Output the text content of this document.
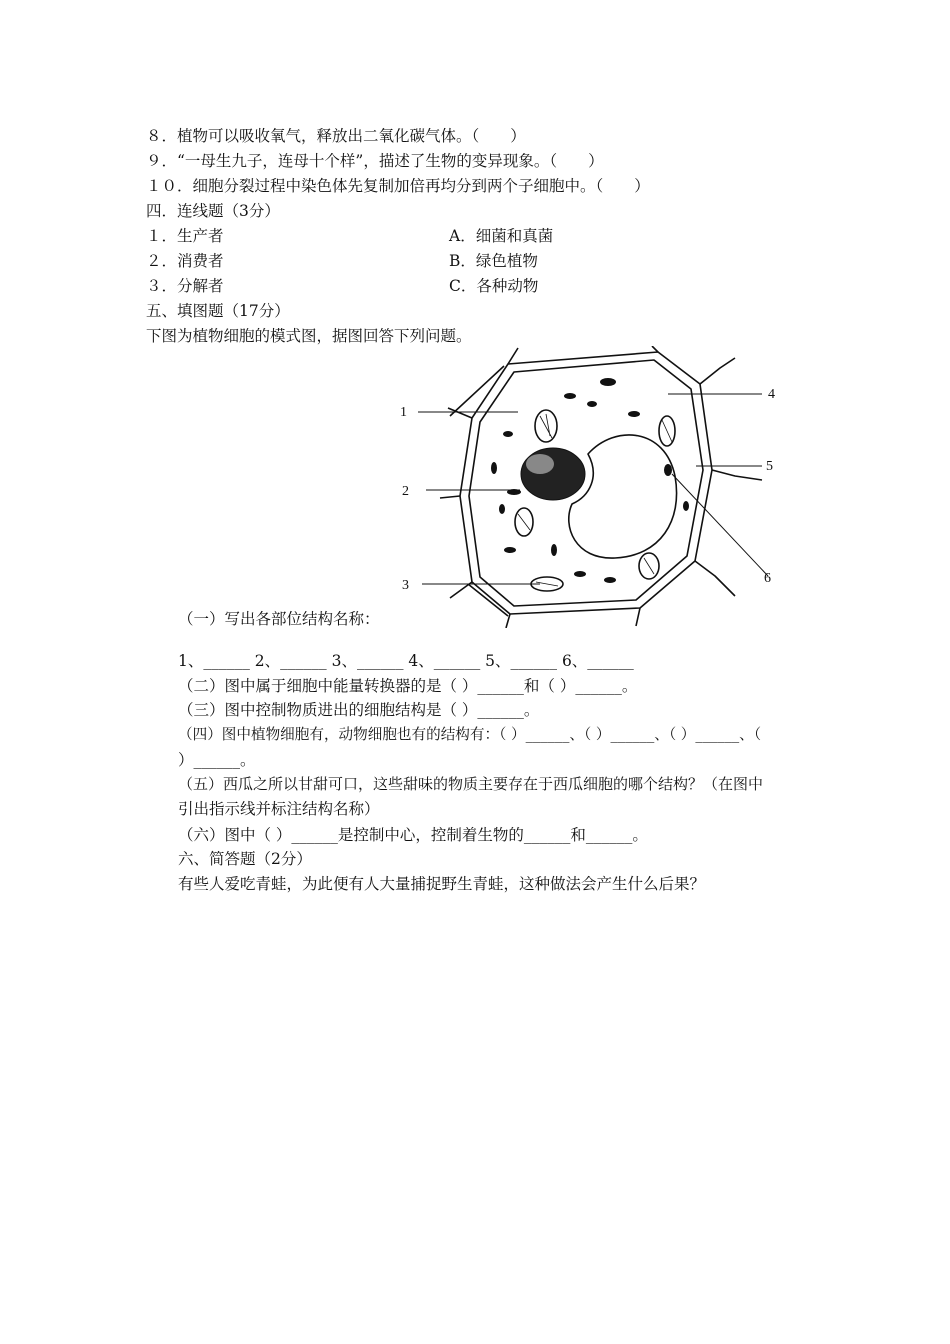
８．植物可以吸收氧气，释放出二氧化碳气体。（　　）
９．“一母生九子，连母十个样”，描述了生物的变异现象。（　　）
１０．细胞分裂过程中染色体先复制加倍再均分到两个子细胞中。（　　）
四．连线题（3分）
１．生产者
２．消费者
３．分解者
A．细菌和真菌
B．绿色植物
C．各种动物
五、填图题（17分）
下图为植物细胞的模式图，据图回答下列问题。
1
2
3
4
5
6
（一）写出各部位结构名称：
1、______ 2、______ 3、______ 4、______ 5、______ 6、______
（二）图中属于细胞中能量转换器的是（ ）______和（ ）______。
（三）图中控制物质进出的细胞结构是（ ）______。
（四）图中植物细胞有，动物细胞也有的结构有：（ ）______、（ ）______、（ ）______、（
）______。
（五）西瓜之所以甘甜可口，这些甜味的物质主要存在于西瓜细胞的哪个结构？（在图中
引出指示线并标注结构名称）
（六）图中（ ）______是控制中心，控制着生物的______和______。
六、简答题（2分）
有些人爱吃青蛙，为此便有人大量捕捉野生青蛙，这种做法会产生什么后果？
